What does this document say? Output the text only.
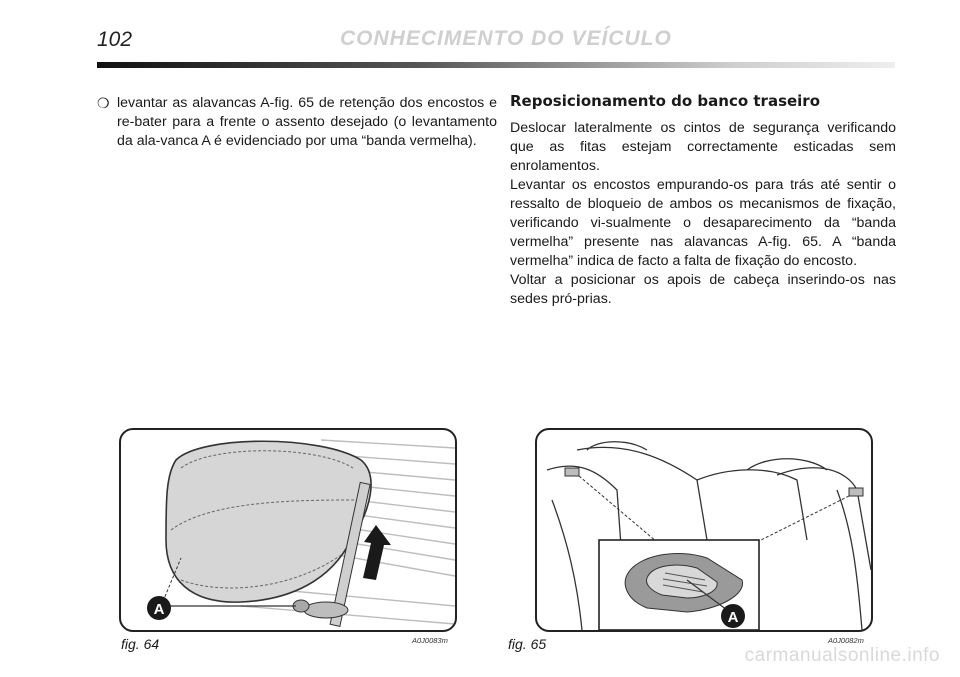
102	CONHECIMENTO DO VEÍCULO
❍ levantar as alavancas A-fig. 65 de retenção dos encostos e re-bater para a frente o assento desejado (o levantamento da ala-vanca A é evidenciado por uma “banda vermelha).
Reposicionamento do banco traseiro

Deslocar lateralmente os cintos de segurança verificando que as fitas estejam correctamente esticadas sem enrolamentos.

Levantar os encostos empurando-os para trás até sentir o ressalto de bloqueio de ambos os mecanismos de fixação, verificando vi-sualmente o desaparecimento da “banda vermelha” presente nas alavancas A-fig. 65. A “banda vermelha” indica de facto a falta de fixação do encosto.

Voltar a posicionar os apois de cabeça inserindo-os nas sedes pró-prias.

A
fig. 64	A0J0083m
A
fig. 65	A0J0082m
carmanualsonline.info
